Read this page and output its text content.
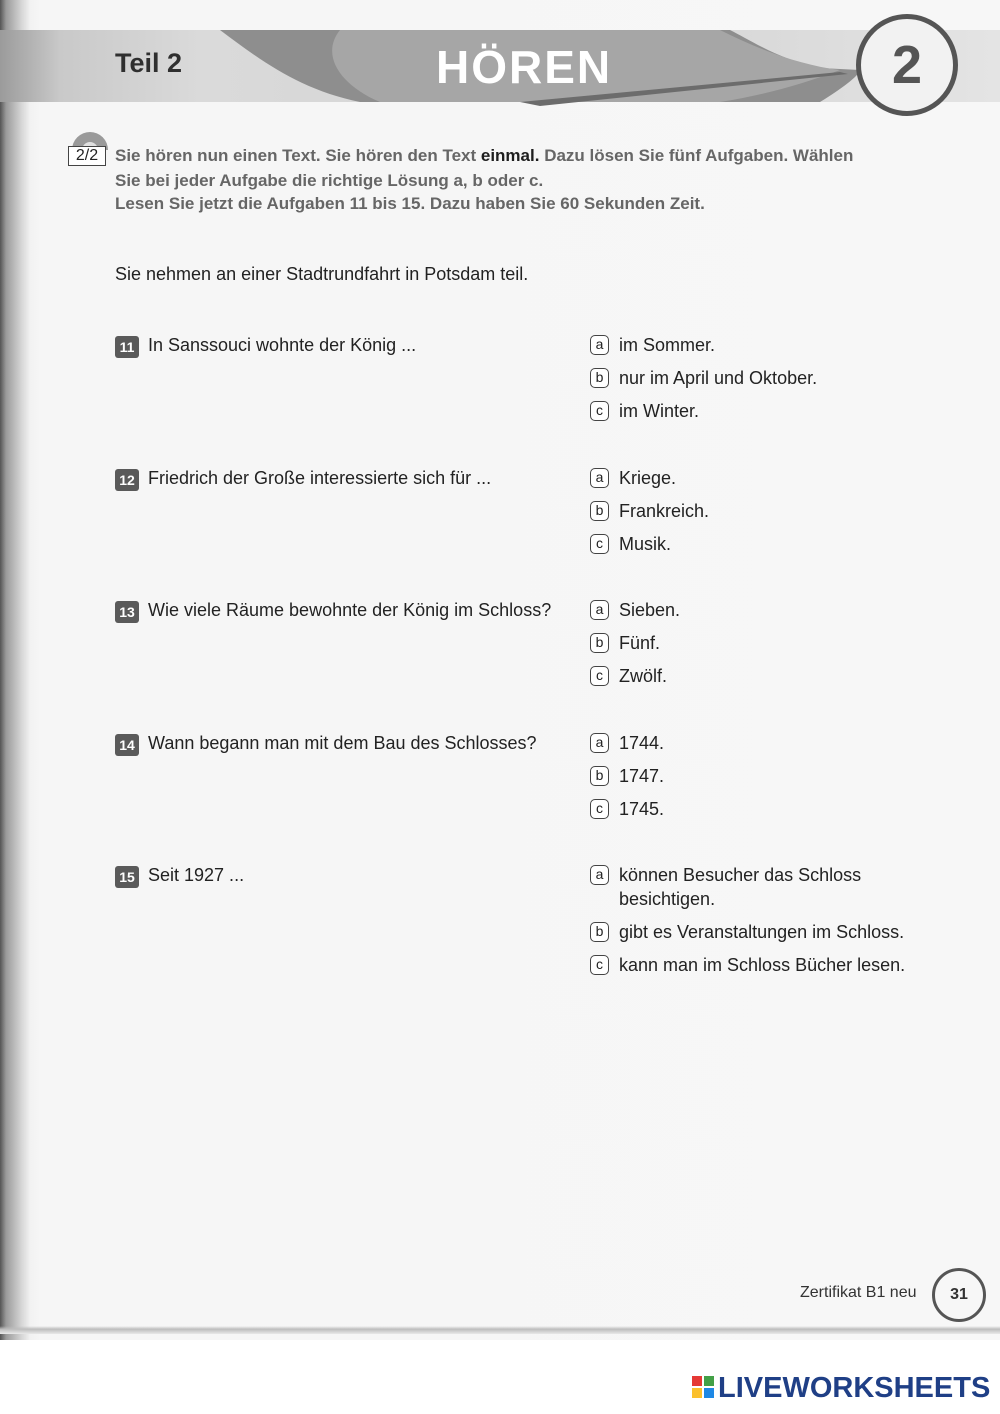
Teil 2	HÖREN	2
2/2 Sie hören nun einen Text. Sie hören den Text einmal. Dazu lösen Sie fünf Aufgaben. Wählen
Sie bei jeder Aufgabe die richtige Lösung a, b oder c.
Lesen Sie jetzt die Aufgaben 11 bis 15. Dazu haben Sie 60 Sekunden Zeit.
Sie nehmen an einer Stadtrundfahrt in Potsdam teil.
11 In Sanssouci wohnte der König ...	a im Sommer.
b nur im April und Oktober.
c im Winter.
12 Friedrich der Große interessierte sich für ...	a Kriege.
b Frankreich.
c Musik.
13 Wie viele Räume bewohnte der König im Schloss?	a Sieben.
b Fünf.
c Zwölf.
14 Wann begann man mit dem Bau des Schlosses?	a 1744.
b 1747.
c 1745.
15 Seit 1927 ...	a können Besucher das Schloss
besichtigen.
b gibt es Veranstaltungen im Schloss.
c kann man im Schloss Bücher lesen.
Zertifikat B1 neu	31
LIVEWORKSHEETS
